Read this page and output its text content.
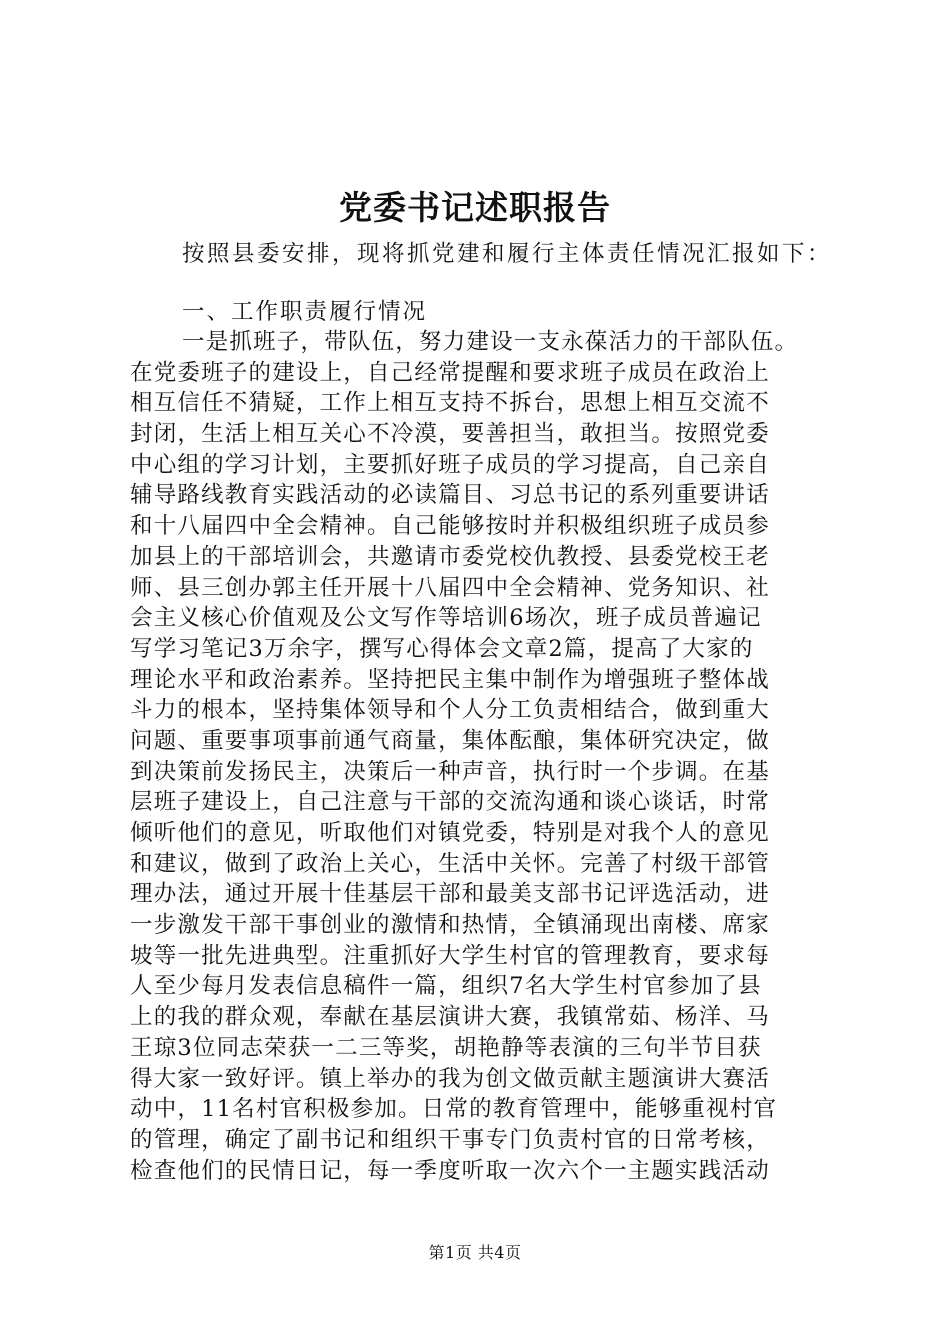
党委书记述职报告
按照县委安排，现将抓党建和履行主体责任情况汇报如下：
一、工作职责履行情况
一是抓班子，带队伍，努力建设一支永葆活力的干部队伍。
在党委班子的建设上，自己经常提醒和要求班子成员在政治上
相互信任不猜疑，工作上相互支持不拆台，思想上相互交流不
封闭，生活上相互关心不冷漠，要善担当，敢担当。按照党委
中心组的学习计划，主要抓好班子成员的学习提高，自己亲自
辅导路线教育实践活动的必读篇目、习总书记的系列重要讲话
和十八届四中全会精神。自己能够按时并积极组织班子成员参
加县上的干部培训会，共邀请市委党校仇教授、县委党校王老
师、县三创办郭主任开展十八届四中全会精神、党务知识、社
会主义核心价值观及公文写作等培训6场次，班子成员普遍记
写学习笔记3万余字，撰写心得体会文章2篇，提高了大家的
理论水平和政治素养。坚持把民主集中制作为增强班子整体战
斗力的根本，坚持集体领导和个人分工负责相结合，做到重大
问题、重要事项事前通气商量，集体酝酿，集体研究决定，做
到决策前发扬民主，决策后一种声音，执行时一个步调。在基
层班子建设上，自己注意与干部的交流沟通和谈心谈话，时常
倾听他们的意见，听取他们对镇党委，特别是对我个人的意见
和建议，做到了政治上关心，生活中关怀。完善了村级干部管
理办法，通过开展十佳基层干部和最美支部书记评选活动，进
一步激发干部干事创业的激情和热情，全镇涌现出南楼、席家
坡等一批先进典型。注重抓好大学生村官的管理教育，要求每
人至少每月发表信息稿件一篇，组织7名大学生村官参加了县
上的我的群众观，奉献在基层演讲大赛，我镇常茹、杨洋、马
王琼3位同志荣获一二三等奖，胡艳静等表演的三句半节目获
得大家一致好评。镇上举办的我为创文做贡献主题演讲大赛活
动中，11名村官积极参加。日常的教育管理中，能够重视村官
的管理，确定了副书记和组织干事专门负责村官的日常考核，
检查他们的民情日记，每一季度听取一次六个一主题实践活动
第1页 共4页
